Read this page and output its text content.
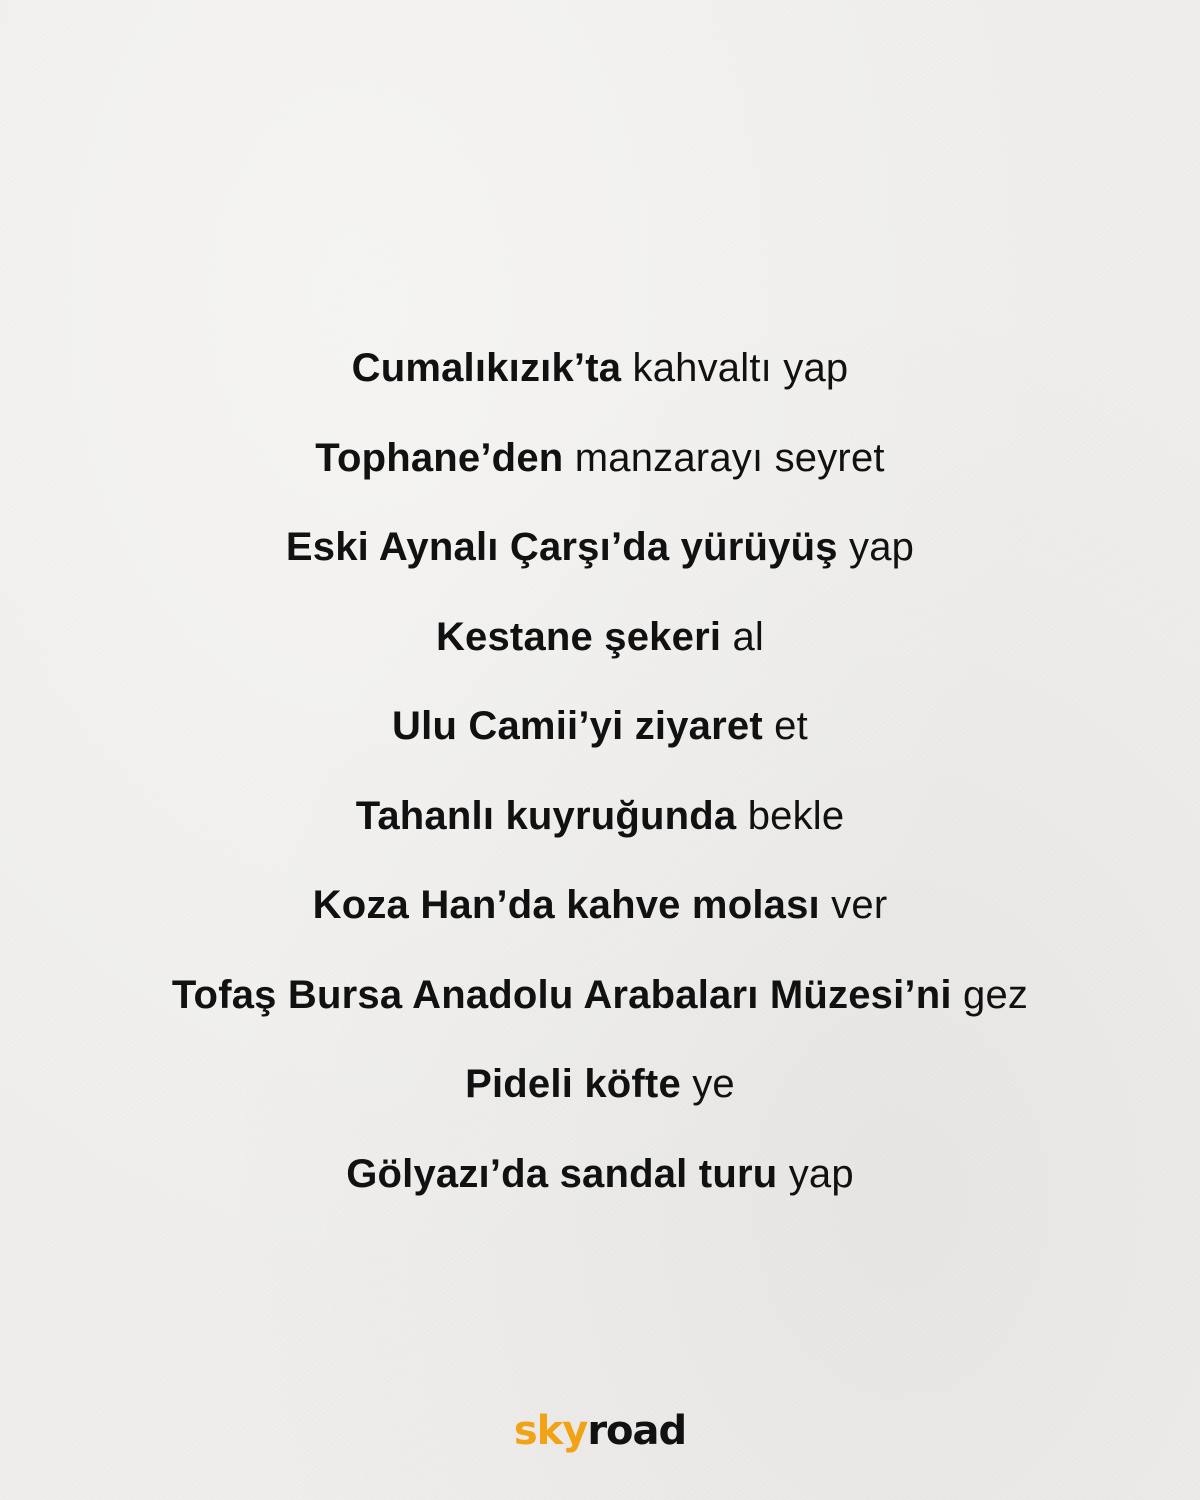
Cumalıkızık’ta kahvaltı yap
Tophane’den manzarayı seyret
Eski Aynalı Çarşı’da yürüyüş yap
Kestane şekeri al
Ulu Camii’yi ziyaret et
Tahanlı kuyruğunda bekle
Koza Han’da kahve molası ver
Tofaş Bursa Anadolu Arabaları Müzesi’ni gez
Pideli köfte ye
Gölyazı’da sandal turu yap
skyroad
